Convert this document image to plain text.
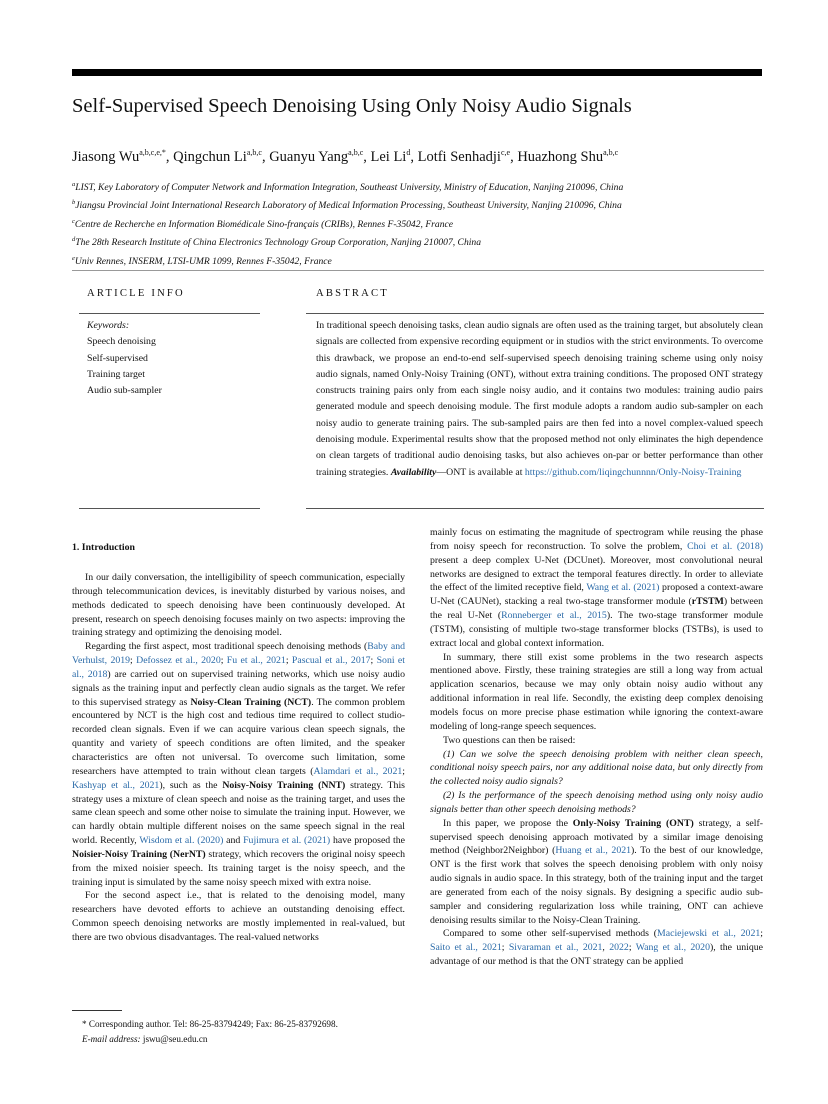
Self-Supervised Speech Denoising Using Only Noisy Audio Signals
Jiasong $Wu^{a,b,c,e,*}$, Qingchun Li$^{a,b,c}$, Guanyu Yang$^{a,b,c}$, Lei Li$^d$, Lotfi Senhadji$^{c,e}$, Huazhong Shu$^{a,b,c}$
$^a$LIST, Key Laboratory of Computer Network and Information Integration, Southeast University, Ministry of Education, Nanjing 210096, China
$^b$Jiangsu Provincial Joint International Research Laboratory of Medical Information Processing, Southeast University, Nanjing 210096, China
$^c$Centre de Recherche en Information Biomédicale Sino-français (CRIBs), Rennes F-35042, France
$^d$The 28th Research Institute of China Electronics Technology Group Corporation, Nanjing 210007, China
$^e$Univ Rennes, INSERM, LTSI-UMR 1099, Rennes F-35042, France
ARTICLE INFO	ABSTRACT
Keywords:
Speech denoising
Self-supervised
Training target
Audio sub-sampler
In traditional speech denoising tasks, clean audio signals are often used as the training target, but absolutely clean signals are collected from expensive recording equipment or in studios with the strict environments. To overcome this drawback, we propose an end-to-end self-supervised speech denoising training scheme using only noisy audio signals, named Only-Noisy Training (ONT), without extra training conditions. The proposed ONT strategy constructs training pairs only from each single noisy audio, and it contains two modules: training audio pairs generated module and speech denoising module. The first module adopts a random audio sub-sampler on each noisy audio to generate training pairs. The sub-sampled pairs are then fed into a novel complex-valued speech denoising module. Experimental results show that the proposed method not only eliminates the high dependence on clean targets of traditional audio denoising tasks, but also achieves on-par or better performance than other training strategies. Availability—ONT is available at https://github.com/liqingchunnnn/Only-Noisy-Training
1. Introduction

In our daily conversation, the intelligibility of speech communication, especially through telecommunication devices, is inevitably disturbed by various noises, and methods dedicated to speech denoising have been continuously developed. At present, research on speech denoising focuses mainly on two aspects: improving the training strategy and optimizing the denoising model.

Regarding the first aspect, most traditional speech denoising methods (Baby and Verhulst, 2019; Defossez et al., 2020; Fu et al., 2021; Pascual et al., 2017; Soni et al., 2018) are carried out on supervised training networks, which use noisy audio signals as the training input and perfectly clean audio signals as the target. We refer to this supervised strategy as Noisy-Clean Training (NCT). The common problem encountered by NCT is the high cost and tedious time required to collect studio-recorded clean signals. Even if we can acquire various clean speech signals, the quantity and variety of speech conditions are often limited, and the speaker characteristics are often not universal. To overcome such limitation, some researchers have attempted to train without clean targets (Alamdari et al., 2021; Kashyap et al., 2021), such as the Noisy-Noisy Training (NNT) strategy. This strategy uses a mixture of clean speech and noise as the training target, and uses the same clean speech and some other noise to simulate the training input. However, we can hardly obtain multiple different noises on the same speech signal in the real world. Recently, Wisdom et al. (2020) and Fujimura et al. (2021) have proposed the Noisier-Noisy Training (NerNT) strategy, which recovers the original noisy speech from the mixed noisier speech. Its training target is the noisy speech, and the training input is simulated by the same noisy speech mixed with extra noise.

For the second aspect i.e., that is related to the denoising model, many researchers have devoted efforts to achieve an outstanding denoising effect. Common speech denoising networks are mostly implemented in real-valued, but there are two obvious disadvantages. The real-valued networks

mainly focus on estimating the magnitude of spectrogram while reusing the phase from noisy speech for reconstruction. To solve the problem, Choi et al. (2018) present a deep complex U-Net (DCUnet). Moreover, most convolutional neural networks are designed to extract the temporal features directly. In order to alleviate the effect of the limited receptive field, Wang et al. (2021) proposed a context-aware U-Net (CAUNet), stacking a real two-stage transformer module (rTSTM) between the real U-Net (Ronneberger et al., 2015). The two-stage transformer module (TSTM), consisting of multiple two-stage transformer blocks (TSTBs), is used to extract local and global context information.

In summary, there still exist some problems in the two research aspects mentioned above. Firstly, these training strategies are still a long way from actual application scenarios, because we may only obtain noisy audio without any additional information in real life. Secondly, the existing deep complex denoising models focus on more precise phase estimation while ignoring the context-aware modeling of long-range speech sequences.

Two questions can then be raised:

(1) Can we solve the speech denoising problem with neither clean speech, conditional noisy speech pairs, nor any additional noise data, but only directly from the collected noisy audio signals?

(2) Is the performance of the speech denoising method using only noisy audio signals better than other speech denoising methods?

In this paper, we propose the Only-Noisy Training (ONT) strategy, a self-supervised speech denoising approach motivated by a similar image denoising method (Neighbor2Neighbor) (Huang et al., 2021). To the best of our knowledge, ONT is the first work that solves the speech denoising problem with only noisy audio signals in audio space. In this strategy, both of the training input and the target are generated from each of the noisy signals. By designing a specific audio sub-sampler and considering regularization loss while training, ONT can achieve denoising results similar to the Noisy-Clean Training.

Compared to some other self-supervised methods (Maciejewski et al., 2021; Saito et al., 2021; Sivaraman et al., 2021, 2022; Wang et al., 2020), the unique advantage of our method is that the ONT strategy can be applied

* Corresponding author. Tel: 86-25-83794249; Fax: 86-25-83792698.
E-mail address: jswu@seu.edu.cn
